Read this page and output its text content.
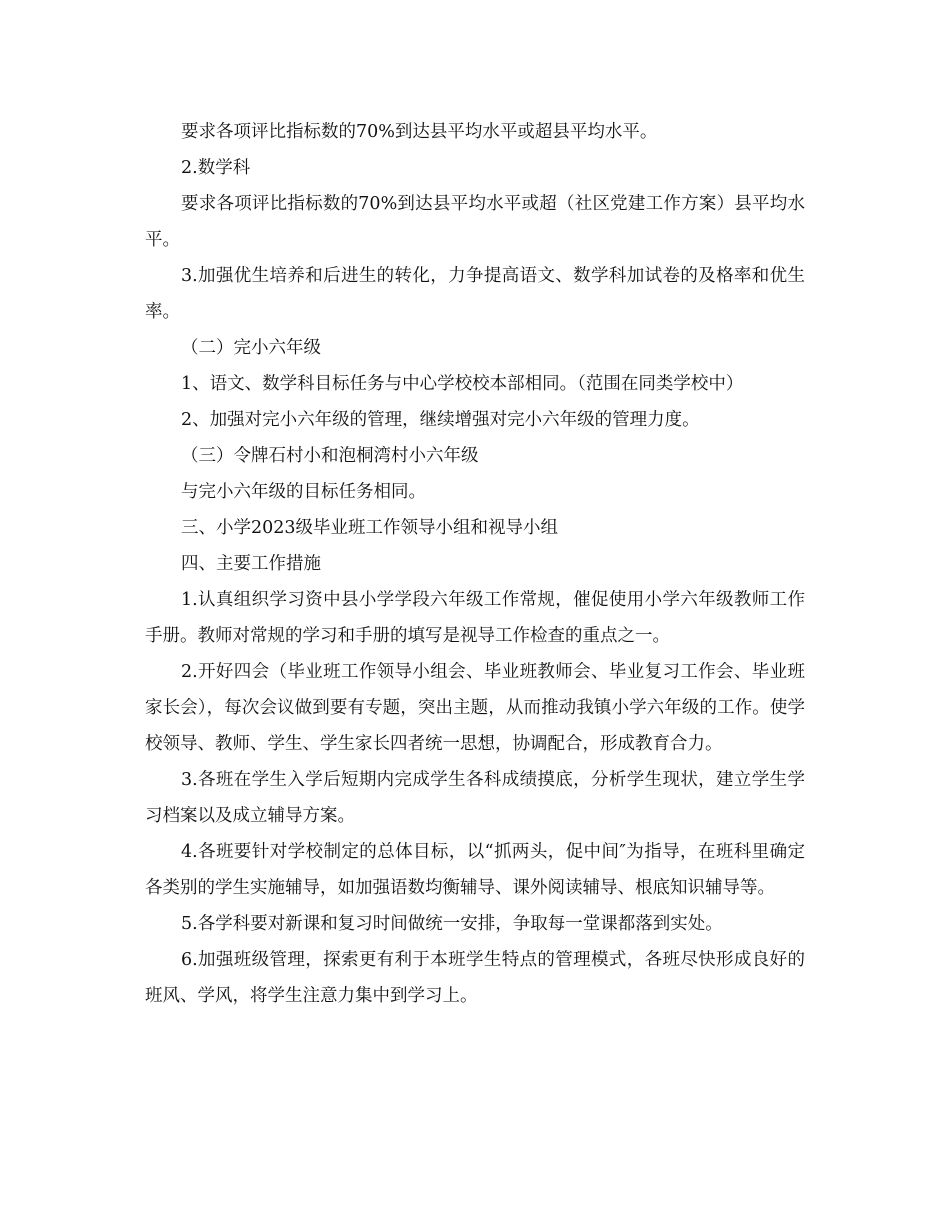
要求各项评比指标数的70%到达县平均水平或超县平均水平。

2.数学科

要求各项评比指标数的70%到达县平均水平或超（社区党建工作方案）县平均水平。

3.加强优生培养和后进生的转化，力争提高语文、数学科加试卷的及格率和优生率。

（二）完小六年级

1、语文、数学科目标任务与中心学校校本部相同。（范围在同类学校中）

2、加强对完小六年级的管理，继续增强对完小六年级的管理力度。

（三）令牌石村小和泡桐湾村小六年级

与完小六年级的目标任务相同。

三、小学2023级毕业班工作领导小组和视导小组

四、主要工作措施

1.认真组织学习资中县小学学段六年级工作常规，催促使用小学六年级教师工作手册。教师对常规的学习和手册的填写是视导工作检查的重点之一。

2.开好四会（毕业班工作领导小组会、毕业班教师会、毕业复习工作会、毕业班家长会），每次会议做到要有专题，突出主题，从而推动我镇小学六年级的工作。使学校领导、教师、学生、学生家长四者统一思想，协调配合，形成教育合力。

3.各班在学生入学后短期内完成学生各科成绩摸底，分析学生现状，建立学生学习档案以及成立辅导方案。

4.各班要针对学校制定的总体目标，以“抓两头，促中间″为指导，在班科里确定各类别的学生实施辅导，如加强语数均衡辅导、课外阅读辅导、根底知识辅导等。

5.各学科要对新课和复习时间做统一安排，争取每一堂课都落到实处。

6.加强班级管理，探索更有利于本班学生特点的管理模式，各班尽快形成良好的班风、学风，将学生注意力集中到学习上。
